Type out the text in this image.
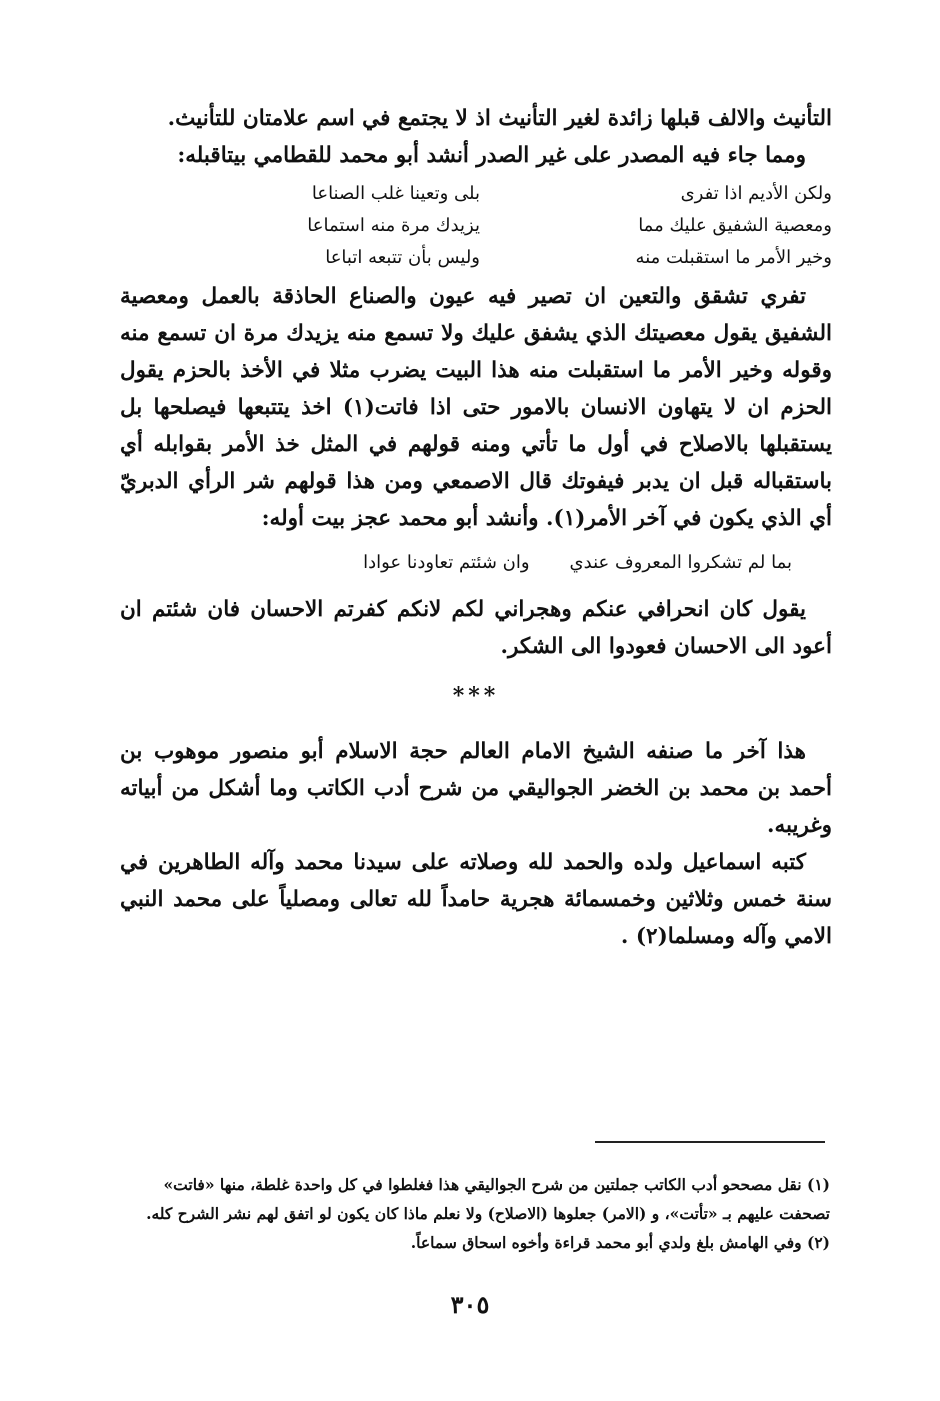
التأنيث والالف قبلها زائدة لغير التأنيث اذ لا يجتمع في اسم علامتان للتأنيث.

ومما جاء فيه المصدر على غير الصدر أنشد أبو محمد للقطامي بيتاقبله:

ولكن الأديم اذا تفرى
بلى وتعينا غلب الصناعا
ومعصية الشفيق عليك مما
يزيدك مرة منه استماعا
وخير الأمر ما استقبلت منه
وليس بأن تتبعه اتباعا

تفري تشقق والتعين ان تصير فيه عيون والصناع الحاذقة بالعمل ومعصية الشفيق يقول معصيتك الذي يشفق عليك ولا تسمع منه يزيدك مرة ان تسمع منه وقوله وخير الأمر ما استقبلت منه هذا البيت يضرب مثلا في الأخذ بالحزم يقول الحزم ان لا يتهاون الانسان بالامور حتى اذا فاتت(١) اخذ يتتبعها فيصلحها بل يستقبلها بالاصلاح في أول ما تأتي ومنه قولهم في المثل خذ الأمر بقوابله أي باستقباله قبل ان يدبر فيفوتك قال الاصمعي ومن هذا قولهم شر الرأي الدبريّ أي الذي يكون في آخر الأمر(١). وأنشد أبو محمد عجز بيت أوله:

بما لم تشكروا المعروف عندي
وان شئتم تعاودنا عوادا

يقول كان انحرافي عنكم وهجراني لكم لانكم كفرتم الاحسان فان شئتم ان أعود الى الاحسان فعودوا الى الشكر.

***

هذا آخر ما صنفه الشيخ الامام العالم حجة الاسلام أبو منصور موهوب بن أحمد بن محمد بن الخضر الجواليقي من شرح أدب الكاتب وما أشكل من أبياته وغريبه.

كتبه اسماعيل ولده والحمد لله وصلاته على سيدنا محمد وآله الطاهرين في سنة خمس وثلاثين وخمسمائة هجرية حامداً لله تعالى ومصلياً على محمد النبي الامي وآله ومسلما(٢) .

(١) نقل مصححو أدب الكاتب جملتين من شرح الجواليقي هذا فغلطوا في كل واحدة غلطة، منها «فاتت» تصحفت عليهم بـ «تأتت»، و (الامر) جعلوها (الاصلاح) ولا نعلم ماذا كان يكون لو اتفق لهم نشر الشرح كله.
(٢) وفي الهامش بلغ ولدي أبو محمد قراءة وأخوه اسحاق سماعاً.
٣٠٥
